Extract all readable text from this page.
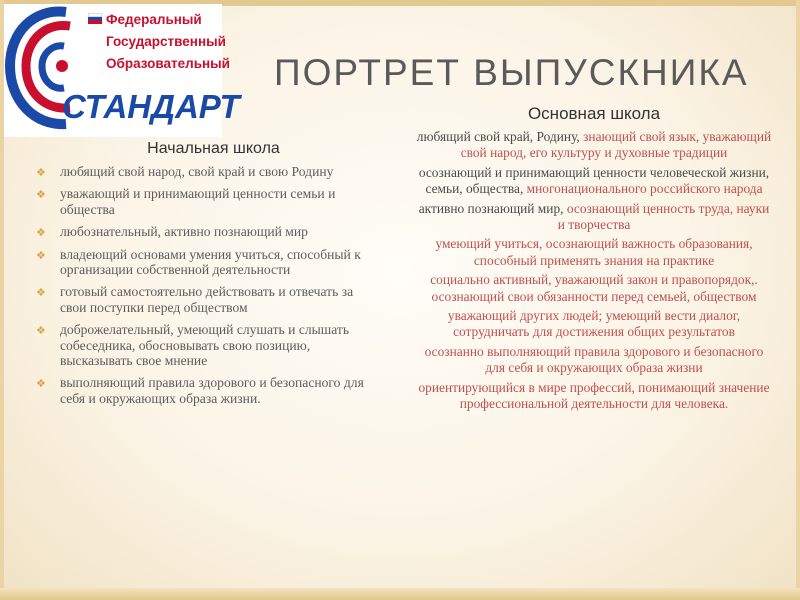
Федеральный
Государственный
Образовательный
СТАНДАРТ
ПОРТРЕТ ВЫПУСКНИКА
Начальная школа
❖ любящий свой народ, свой край и свою Родину
❖ уважающий и принимающий ценности семьи и общества
❖ любознательный, активно познающий мир
❖ владеющий основами умения учиться, способный к организации собственной деятельности
❖ готовый самостоятельно действовать и отвечать за свои поступки перед обществом
❖ доброжелательный, умеющий слушать и слышать собеседника, обосновывать свою позицию, высказывать свое мнение
❖ выполняющий правила здорового и безопасного для себя и окружающих образа жизни.
Основная школа
любящий свой край, Родину, знающий свой язык, уважающий свой народ, его культуру и духовные традиции
осознающий и принимающий ценности человеческой жизни, семьи, общества, многонационального российского народа
активно познающий мир, осознающий ценность труда, науки и творчества
умеющий учиться, осознающий важность образования, способный применять знания на практике
социально активный, уважающий закон и правопорядок,. осознающий свои обязанности перед семьей, обществом
уважающий других людей; умеющий вести диалог, сотрудничать для достижения общих результатов
осознанно выполняющий правила здорового и безопасного для себя и окружающих образа жизни
ориентирующийся в мире профессий, понимающий значение профессиональной деятельности для человека.
